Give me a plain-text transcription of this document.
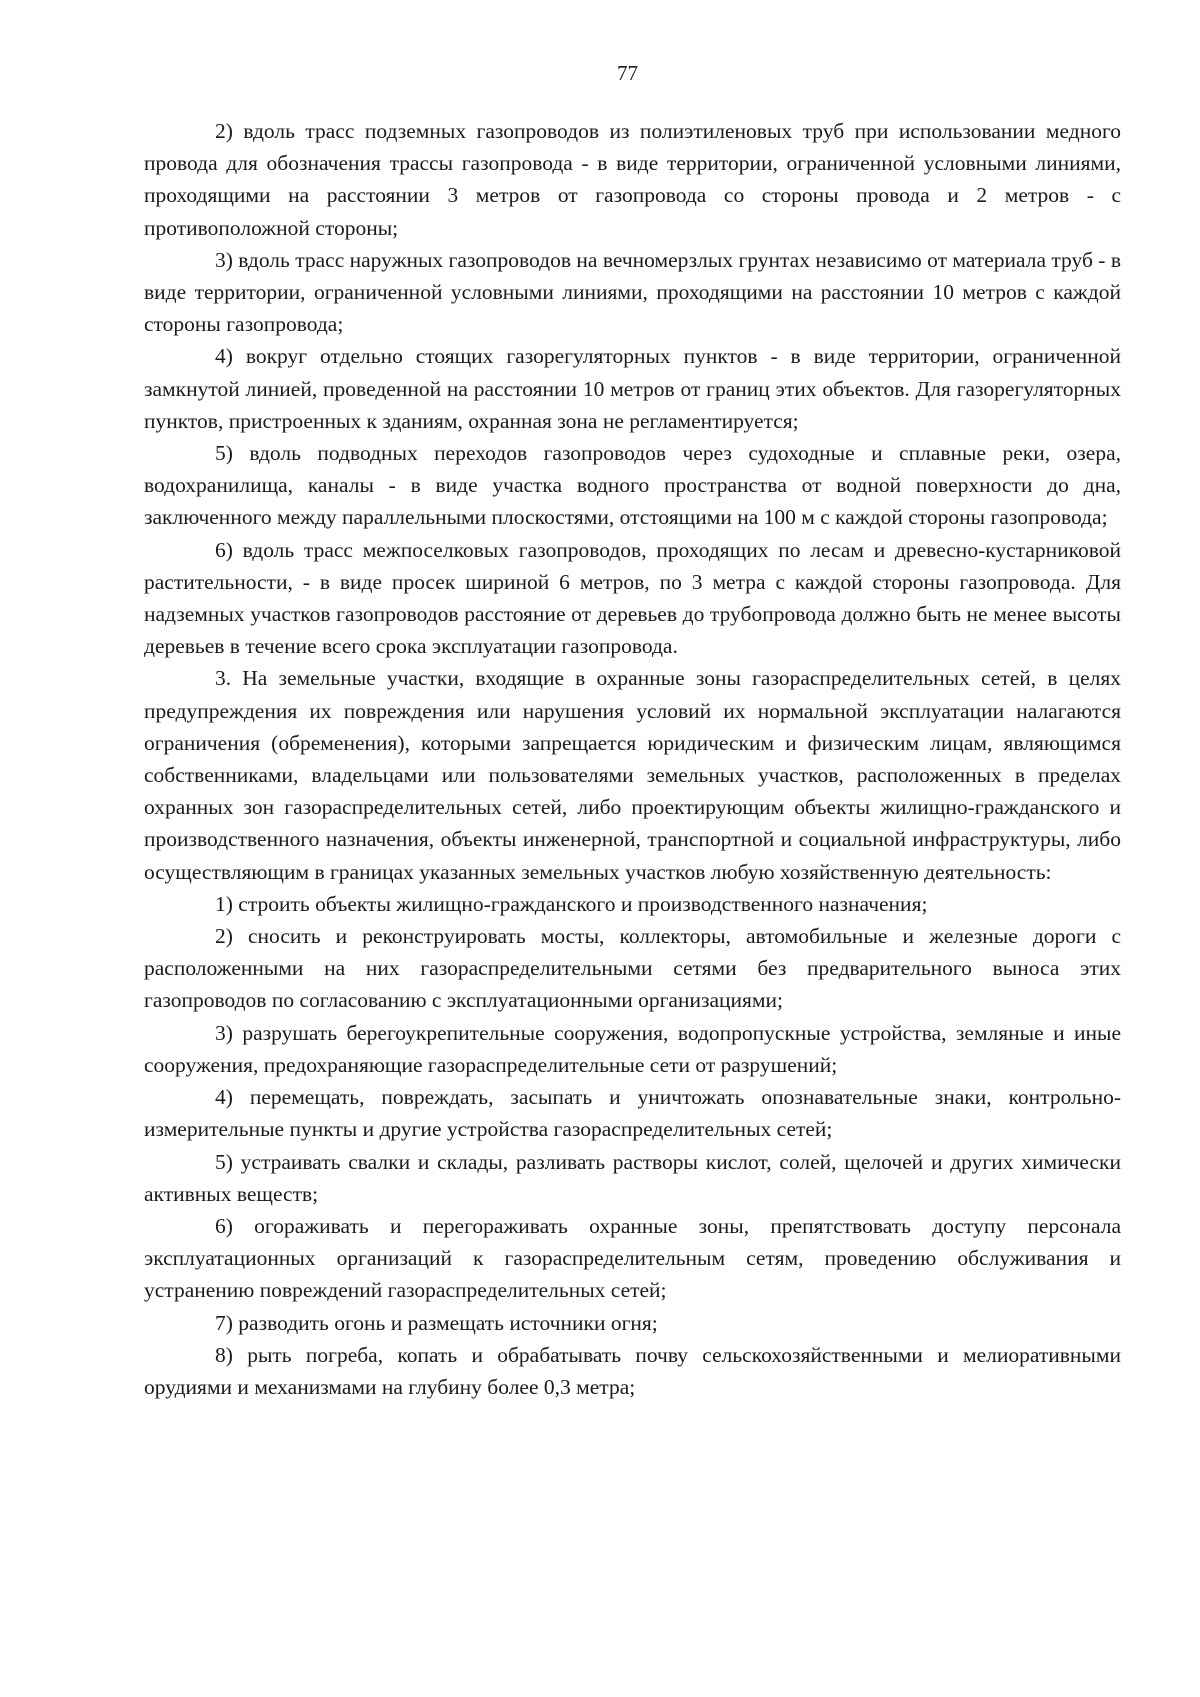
77

2) вдоль трасс подземных газопроводов из полиэтиленовых труб при использовании медного провода для обозначения трассы газопровода - в виде территории, ограниченной условными линиями, проходящими на расстоянии 3 метров от газопровода со стороны провода и 2 метров - с противоположной стороны;

3) вдоль трасс наружных газопроводов на вечномерзлых грунтах независимо от материала труб - в виде территории, ограниченной условными линиями, проходящими на расстоянии 10 метров с каждой стороны газопровода;

4) вокруг отдельно стоящих газорегуляторных пунктов - в виде территории, ограниченной замкнутой линией, проведенной на расстоянии 10 метров от границ этих объектов. Для газорегуляторных пунктов, пристроенных к зданиям, охранная зона не регламентируется;

5) вдоль подводных переходов газопроводов через судоходные и сплавные реки, озера, водохранилища, каналы - в виде участка водного пространства от водной поверхности до дна, заключенного между параллельными плоскостями, отстоящими на 100 м с каждой стороны газопровода;

6) вдоль трасс межпоселковых газопроводов, проходящих по лесам и древесно-кустарниковой растительности, - в виде просек шириной 6 метров, по 3 метра с каждой стороны газопровода. Для надземных участков газопроводов расстояние от деревьев до трубопровода должно быть не менее высоты деревьев в течение всего срока эксплуатации газопровода.

3. На земельные участки, входящие в охранные зоны газораспределительных сетей, в целях предупреждения их повреждения или нарушения условий их нормальной эксплуатации налагаются ограничения (обременения), которыми запрещается юридическим и физическим лицам, являющимся собственниками, владельцами или пользователями земельных участков, расположенных в пределах охранных зон газораспределительных сетей, либо проектирующим объекты жилищно-гражданского и производственного назначения, объекты инженерной, транспортной и социальной инфраструктуры, либо осуществляющим в границах указанных земельных участков любую хозяйственную деятельность:

1) строить объекты жилищно-гражданского и производственного назначения;

2) сносить и реконструировать мосты, коллекторы, автомобильные и железные дороги с расположенными на них газораспределительными сетями без предварительного выноса этих газопроводов по согласованию с эксплуатационными организациями;

3) разрушать берегоукрепительные сооружения, водопропускные устройства, земляные и иные сооружения, предохраняющие газораспределительные сети от разрушений;

4) перемещать, повреждать, засыпать и уничтожать опознавательные знаки, контрольно-измерительные пункты и другие устройства газораспределительных сетей;

5) устраивать свалки и склады, разливать растворы кислот, солей, щелочей и других химически активных веществ;

6) огораживать и перегораживать охранные зоны, препятствовать доступу персонала эксплуатационных организаций к газораспределительным сетям, проведению обслуживания и устранению повреждений газораспределительных сетей;

7) разводить огонь и размещать источники огня;

8) рыть погреба, копать и обрабатывать почву сельскохозяйственными и мелиоративными орудиями и механизмами на глубину более 0,3 метра;
